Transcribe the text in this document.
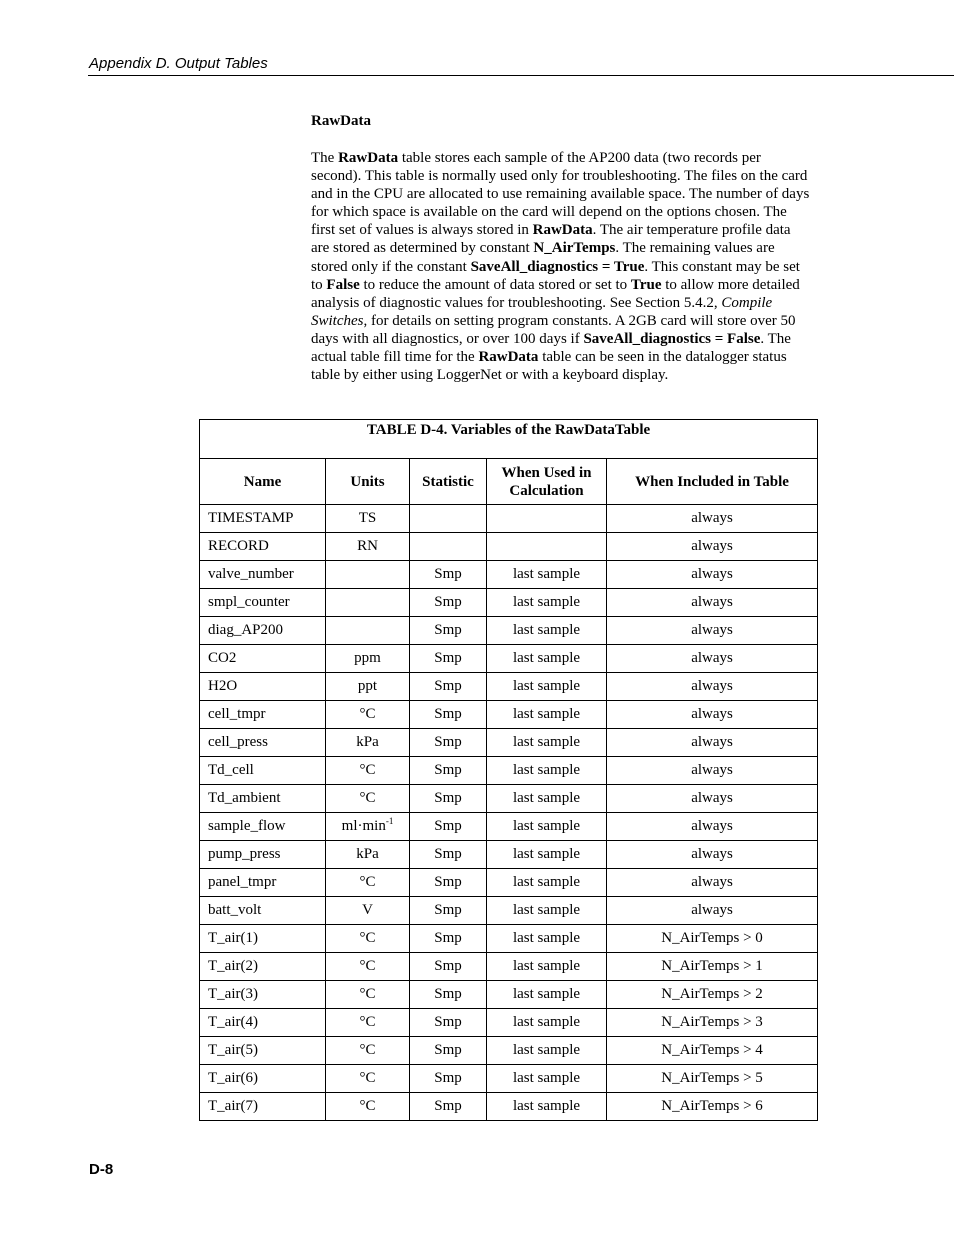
Appendix D. Output Tables
RawData
The RawData table stores each sample of the AP200 data (two records per second). This table is normally used only for troubleshooting. The files on the card and in the CPU are allocated to use remaining available space. The number of days for which space is available on the card will depend on the options chosen. The first set of values is always stored in RawData. The air temperature profile data are stored as determined by constant N_AirTemps. The remaining values are stored only if the constant SaveAll_diagnostics = True. This constant may be set to False to reduce the amount of data stored or set to True to allow more detailed analysis of diagnostic values for troubleshooting. See Section 5.4.2, Compile Switches, for details on setting program constants. A 2GB card will store over 50 days with all diagnostics, or over 100 days if SaveAll_diagnostics = False. The actual table fill time for the RawData table can be seen in the datalogger status table by either using LoggerNet or with a keyboard display.
TABLE D-4. Variables of the RawDataTable				
Name	Units	Statistic	When Used in Calculation	When Included in Table
TIMESTAMP	TS			always
RECORD	RN			always
valve_number		Smp	last sample	always
smpl_counter		Smp	last sample	always
diag_AP200		Smp	last sample	always
CO2	ppm	Smp	last sample	always
H2O	ppt	Smp	last sample	always
cell_tmpr	°C	Smp	last sample	always
cell_press	kPa	Smp	last sample	always
Td_cell	°C	Smp	last sample	always
Td_ambient	°C	Smp	last sample	always
sample_flow	$ml\cdot\min^{-1}$	Smp	last sample	always
pump_press	kPa	Smp	last sample	always
panel_tmpr	°C	Smp	last sample	always
batt_volt	V	Smp	last sample	always
T_air(1)	°C	Smp	last sample	N_AirTemps > 0
T_air(2)	°C	Smp	last sample	N_AirTemps > 1
T_air(3)	°C	Smp	last sample	N_AirTemps > 2
T_air(4)	°C	Smp	last sample	N_AirTemps > 3
T_air(5)	°C	Smp	last sample	N_AirTemps > 4
T_air(6)	°C	Smp	last sample	N_AirTemps > 5
T_air(7)	°C	Smp	last sample	N_AirTemps > 6
D-8
